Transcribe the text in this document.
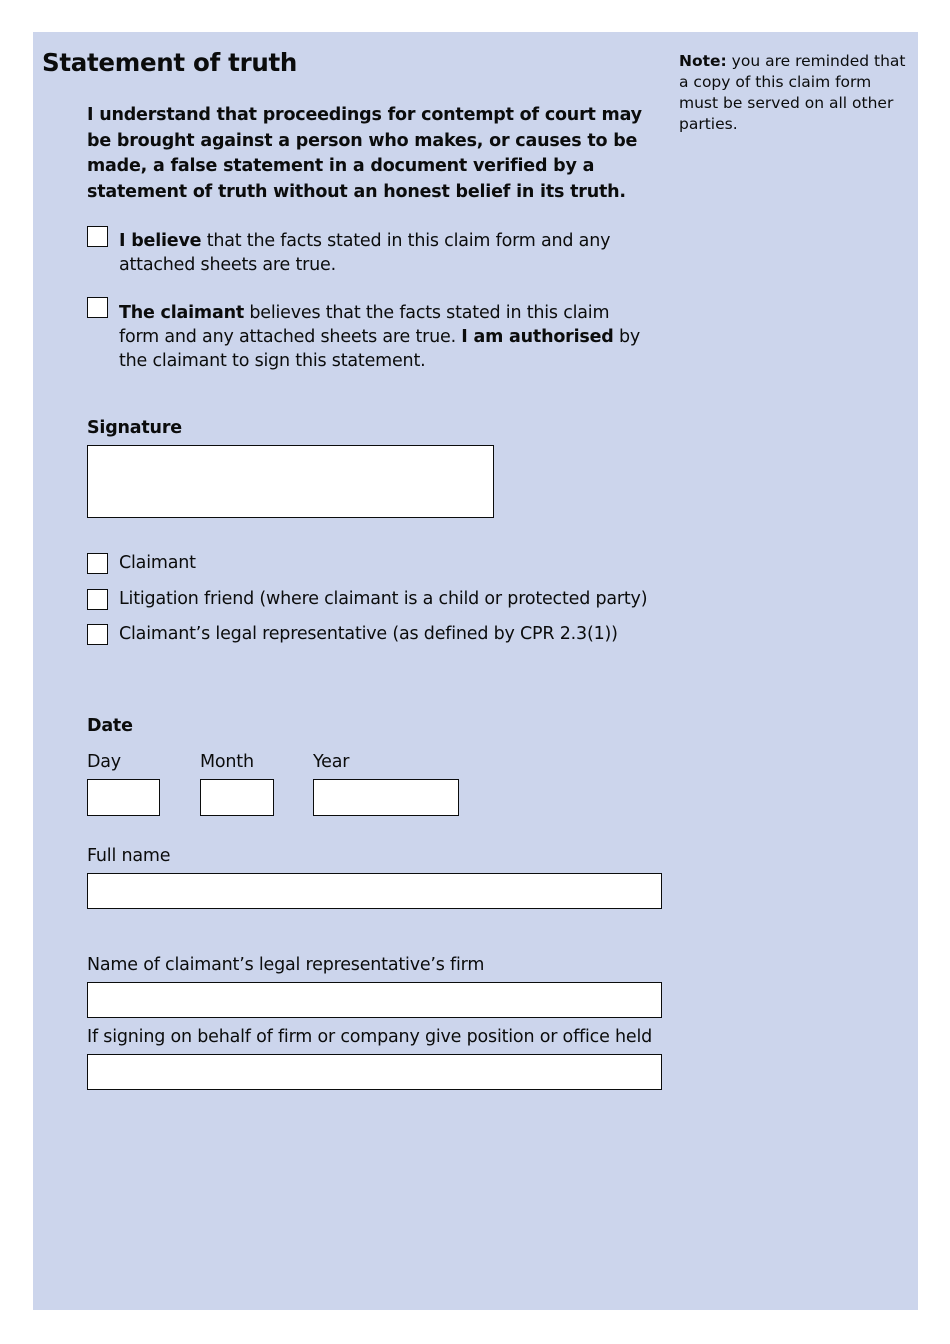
Statement of truth	Note: you are reminded that a copy of this claim form must be served on all other parties.
I understand that proceedings for contempt of court may be brought against a person who makes, or causes to be made, a false statement in a document verified by a statement of truth without an honest belief in its truth.
I believe that the facts stated in this claim form and any attached sheets are true.
The claimant believes that the facts stated in this claim form and any attached sheets are true. I am authorised by the claimant to sign this statement.
Signature
Claimant
Litigation friend (where claimant is a child or protected party)
Claimant’s legal representative (as defined by CPR 2.3(1))
Date
Day	Month	Year
Full name
Name of claimant’s legal representative’s firm
If signing on behalf of firm or company give position or office held
